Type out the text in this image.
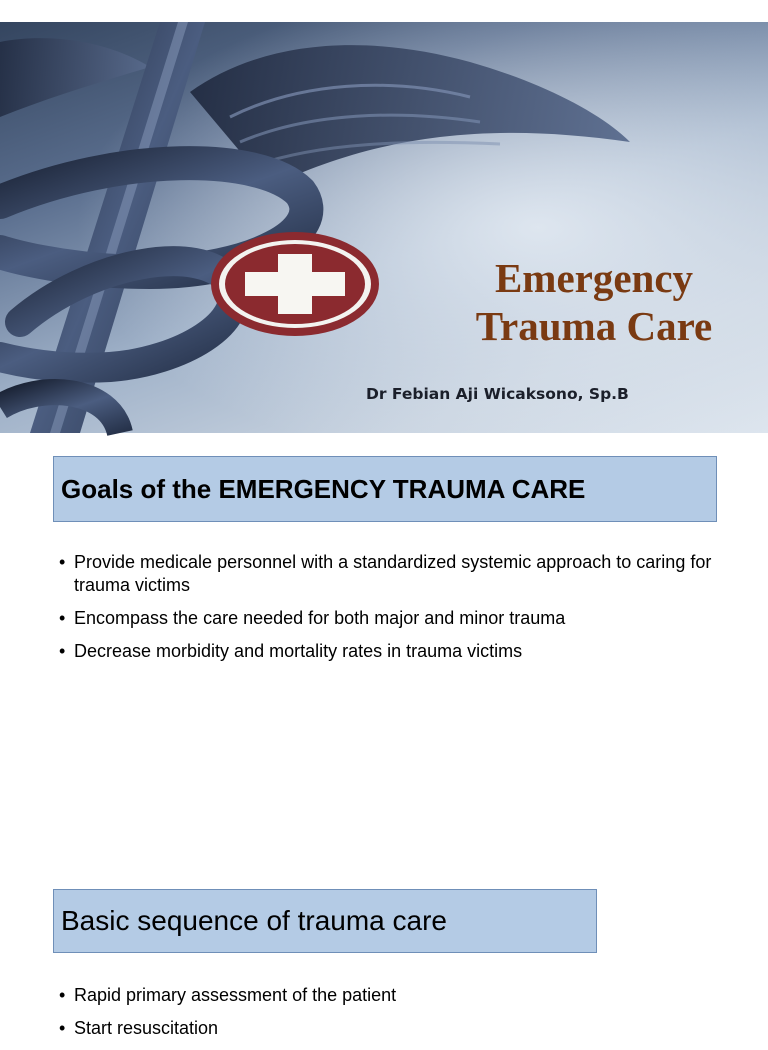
Emergency
Trauma Care
Dr Febian Aji Wicaksono, Sp.B
Goals of the EMERGENCY TRAUMA CARE
• Provide medicale personnel with a standardized systemic approach to caring for trauma victims
• Encompass the care needed for both major and minor trauma
• Decrease morbidity and mortality rates in trauma victims
Basic sequence of trauma care
• Rapid primary assessment of the patient
• Start resuscitation
